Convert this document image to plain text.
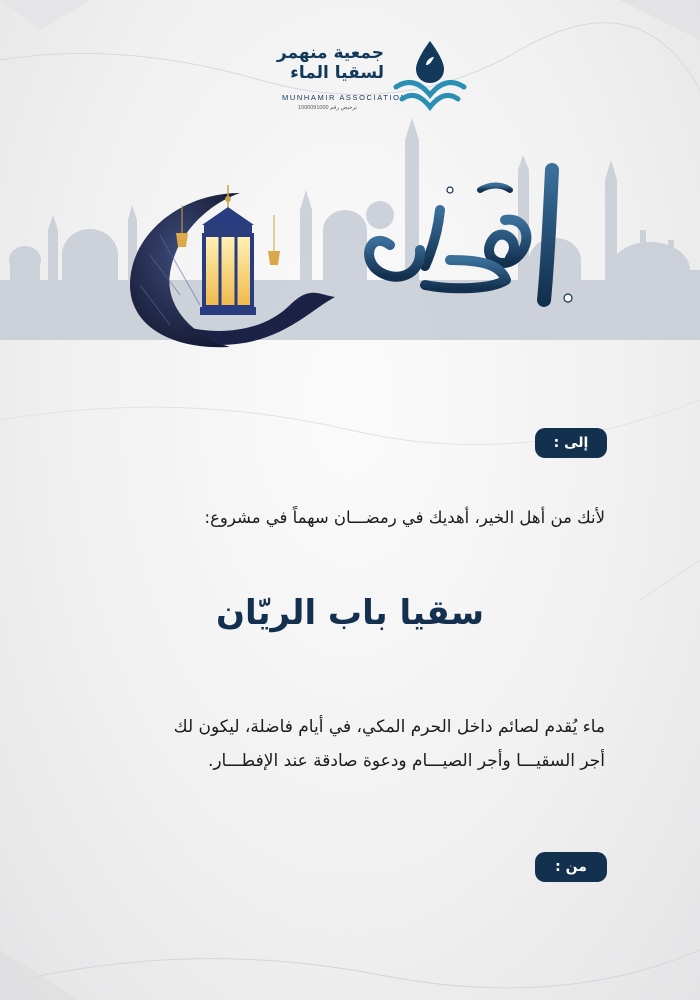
جمعية منهمر
لسقيا الماء
MUNHAMIR ASSOCIATION
ترخيص رقم 1000091000
إلى :
لأنك من أهل الخير، أهديك في رمضـــان سهماً في مشروع:
سقيا باب الريّان
ماء يُقدم لصائم داخل الحرم المكي، في أيام فاضلة، ليكون لك
أجر السقيـــا وأجر الصيـــام ودعوة صادقة عند الإفطـــار.
من :
